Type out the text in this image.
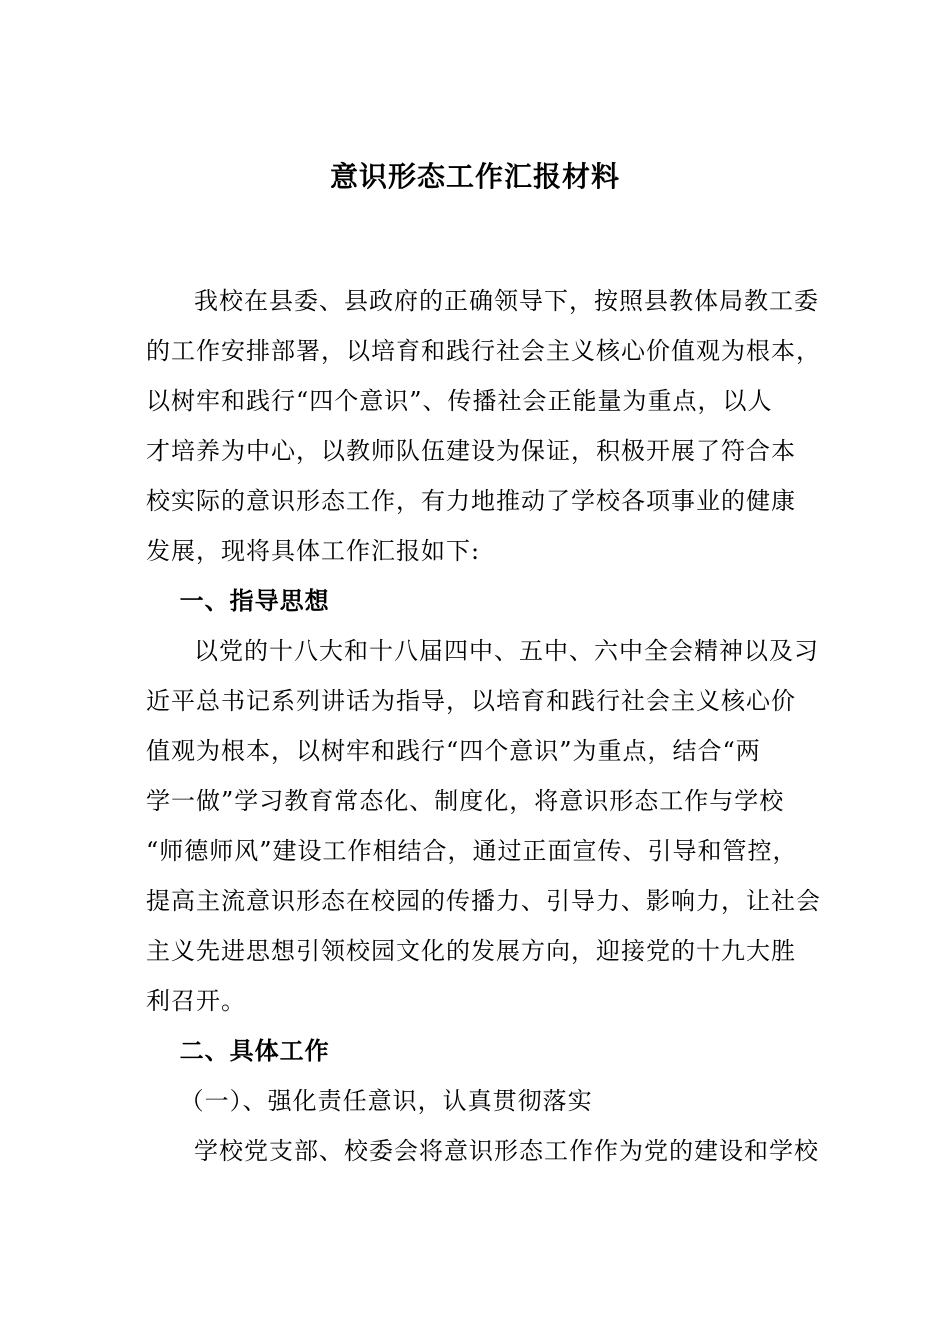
意识形态工作汇报材料
我校在县委、县政府的正确领导下，按照县教体局教工委
的工作安排部署，以培育和践行社会主义核心价值观为根本，
以树牢和践行“四个意识”、传播社会正能量为重点，以人
才培养为中心，以教师队伍建设为保证，积极开展了符合本
校实际的意识形态工作，有力地推动了学校各项事业的健康
发展，现将具体工作汇报如下:
一、指导思想
以党的十八大和十八届四中、五中、六中全会精神以及习
近平总书记系列讲话为指导，以培育和践行社会主义核心价
值观为根本，以树牢和践行“四个意识”为重点，结合“两
学一做”学习教育常态化、制度化，将意识形态工作与学校
“师德师风”建设工作相结合，通过正面宣传、引导和管控，
提高主流意识形态在校园的传播力、引导力、影响力，让社会
主义先进思想引领校园文化的发展方向，迎接党的十九大胜
利召开。
二、具体工作
（一）、强化责任意识，认真贯彻落实
学校党支部、校委会将意识形态工作作为党的建设和学校
